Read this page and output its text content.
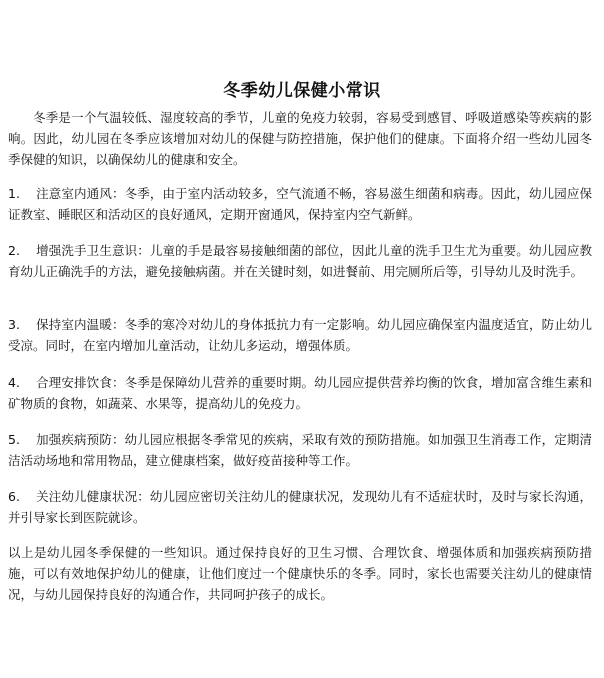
冬季幼儿保健小常识

冬季是一个气温较低、湿度较高的季节，儿童的免疫力较弱，容易受到感冒、呼吸道感染等疾病的影响。因此，幼儿园在冬季应该增加对幼儿的保健与防控措施，保护他们的健康。下面将介绍一些幼儿园冬季保健的知识，以确保幼儿的健康和安全。

1. 注意室内通风：冬季，由于室内活动较多，空气流通不畅，容易滋生细菌和病毒。因此，幼儿园应保证教室、睡眠区和活动区的良好通风，定期开窗通风，保持室内空气新鲜。

2. 增强洗手卫生意识：儿童的手是最容易接触细菌的部位，因此儿童的洗手卫生尤为重要。幼儿园应教育幼儿正确洗手的方法，避免接触病菌。并在关键时刻，如进餐前、用完厕所后等，引导幼儿及时洗手。

3. 保持室内温暖：冬季的寒冷对幼儿的身体抵抗力有一定影响。幼儿园应确保室内温度适宜，防止幼儿受凉。同时，在室内增加儿童活动，让幼儿多运动，增强体质。

4. 合理安排饮食：冬季是保障幼儿营养的重要时期。幼儿园应提供营养均衡的饮食，增加富含维生素和矿物质的食物，如蔬菜、水果等，提高幼儿的免疫力。

5. 加强疾病预防：幼儿园应根据冬季常见的疾病，采取有效的预防措施。如加强卫生消毒工作，定期清洁活动场地和常用物品，建立健康档案，做好疫苗接种等工作。

6. 关注幼儿健康状况：幼儿园应密切关注幼儿的健康状况，发现幼儿有不适症状时，及时与家长沟通，并引导家长到医院就诊。

以上是幼儿园冬季保健的一些知识。通过保持良好的卫生习惯、合理饮食、增强体质和加强疾病预防措施，可以有效地保护幼儿的健康，让他们度过一个健康快乐的冬季。同时，家长也需要关注幼儿的健康情况，与幼儿园保持良好的沟通合作，共同呵护孩子的成长。
